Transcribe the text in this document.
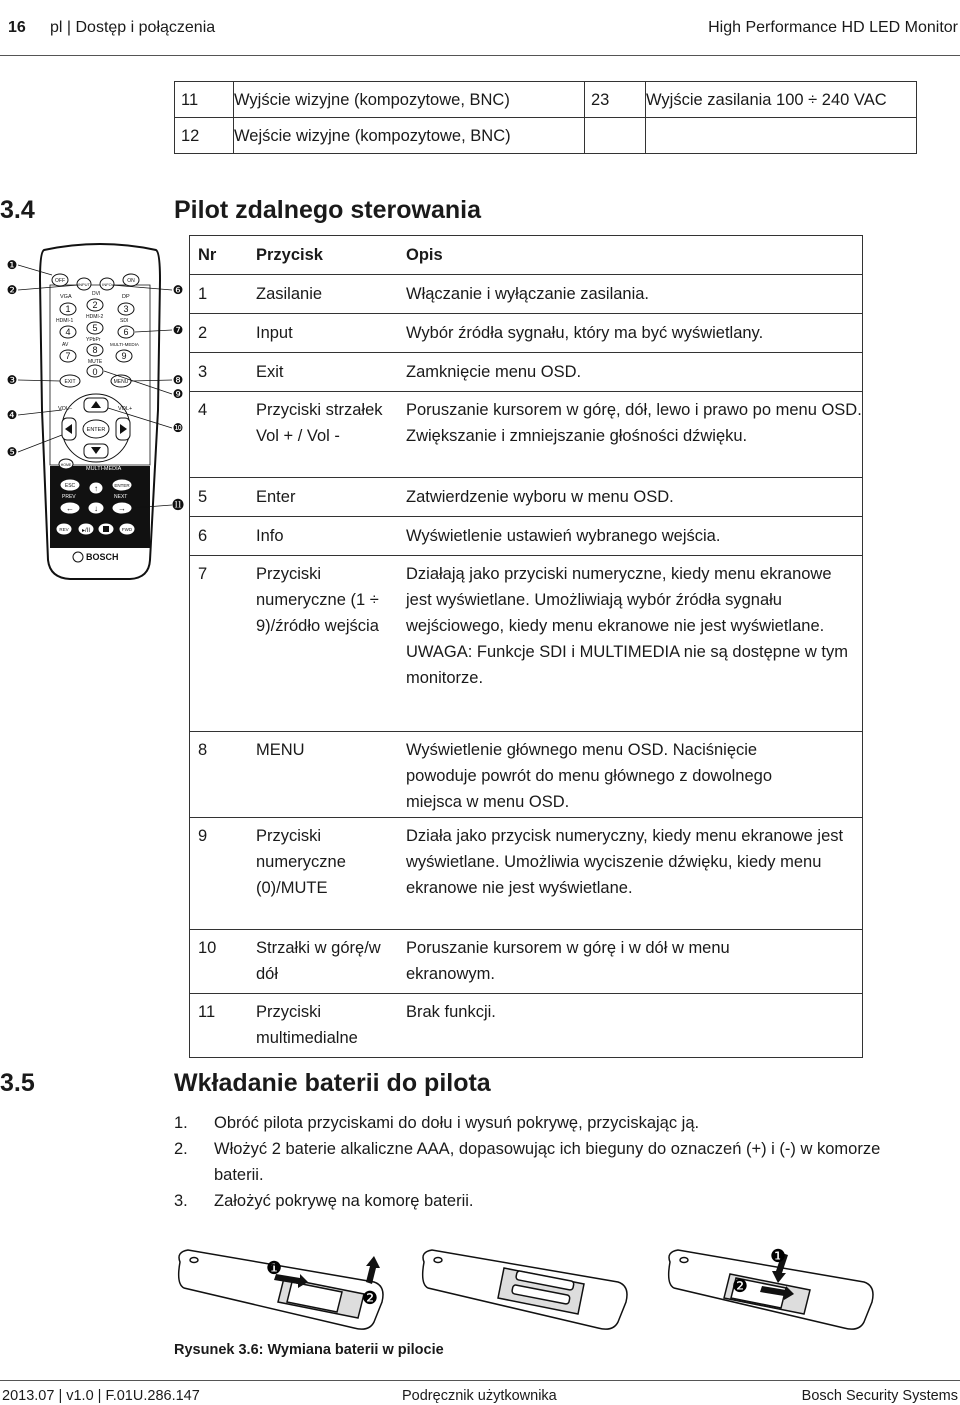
16 pl | Dostęp i połączenia	High Performance HD LED Monitor
11	Wyjście wizyjne (kompozytowe, BNC)	23	Wyjście zasilania 100 ÷ 240 VAC
12	Wejście wizyjne (kompozytowe, BNC)		
3.4	Pilot zdalnego sterowania
OFF
INPUT	INFO
ON
VGA	DVI	DP
1 2	3
HDMI-1
HDMI-2
SDI
4 5	6
AV
YPbPr
MULTI-MEDIA
7
8
9
MUTE
0
EXIT	MENU
ENTER
VOL–	VOL+
HOME
MULTI-MEDIA
ESC	ENTER
↑
PREV	NEXT
←	↓	→
REV ▸/II	FWD
BOSCH
❶
❷
❸
❹
❺
❻
❼
❽
❾
❿
⓫
Nr	Przycisk	Opis
1	Zasilanie	Włączanie i wyłączanie zasilania.
2	Input	Wybór źródła sygnału, który ma być wyświetlany.
3	Exit	Zamknięcie menu OSD.
4	Przyciski strzałek Vol + / Vol -	Poruszanie kursorem w górę, dół, lewo i prawo po menu OSD. Zwiększanie i zmniejszanie głośności dźwięku.
5	Enter	Zatwierdzenie wyboru w menu OSD.
6	Info	Wyświetlenie ustawień wybranego wejścia.
7	Przyciski numeryczne (1 ÷ 9)/źródło wejścia	Działają jako przyciski numeryczne, kiedy menu ekranowe jest wyświetlane. Umożliwiają wybór źródła sygnału wejściowego, kiedy menu ekranowe nie jest wyświetlane. UWAGA: Funkcje SDI i MULTIMEDIA nie są dostępne w tym monitorze.
8	MENU	Wyświetlenie głównego menu OSD. Naciśnięcie powoduje powrót do menu głównego z dowolnego miejsca w menu OSD.
9	Przyciski numeryczne (0)/MUTE	Działa jako przycisk numeryczny, kiedy menu ekranowe jest wyświetlane. Umożliwia wyciszenie dźwięku, kiedy menu ekranowe nie jest wyświetlane.
10	Strzałki w górę/w dół	Poruszanie kursorem w górę i w dół w menu ekranowym.
11	Przyciski multimedialne	Brak funkcji.
3.5	Wkładanie baterii do pilota
1. Obróć pilota przyciskami do dołu i wysuń pokrywę, przyciskając ją.
2. Włożyć 2 baterie alkaliczne AAA, dopasowując ich bieguny do oznaczeń (+) i (-) w komorze baterii.
3. Założyć pokrywę na komorę baterii.
❶
❷
❶
❷
Rysunek 3.6: Wymiana baterii w pilocie
2013.07 | v1.0 | F.01U.286.147	Podręcznik użytkownika	Bosch Security Systems
